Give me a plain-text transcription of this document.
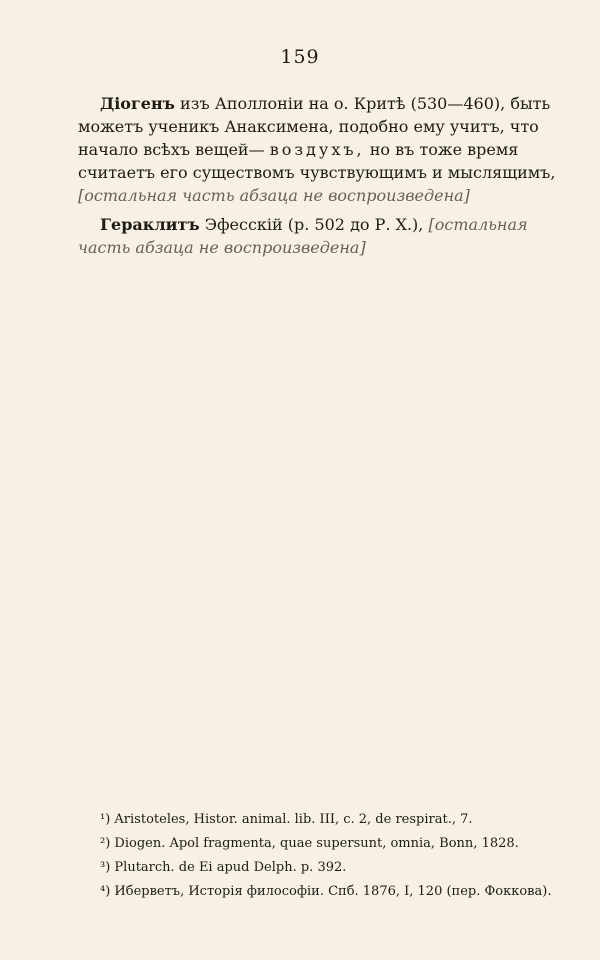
159

Діогенъ изъ Аполлоніи на о. Критѣ (530—460), быть можетъ ученикъ Анаксимена, подобно ему учитъ, что начало всѣхъ вещей— воздухъ, но въ тоже время считаетъ его существомъ чувствующимъ и мыслящимъ, [остальная часть абзаца не воспроизведена]

Гераклитъ Эфесскій (р. 502 до Р. Х.), [остальная часть абзаца не воспроизведена]

¹) Aristoteles, Histor. animal. lib. III, c. 2, de respirat., 7.
²) Diogen. Apol fragmenta, quae supersunt, omnia, Bonn, 1828.
³) Plutarch. de Ei apud Delph. p. 392.
⁴) Иберветъ, Исторія философіи. Спб. 1876, I, 120 (пер. Фоккова).
